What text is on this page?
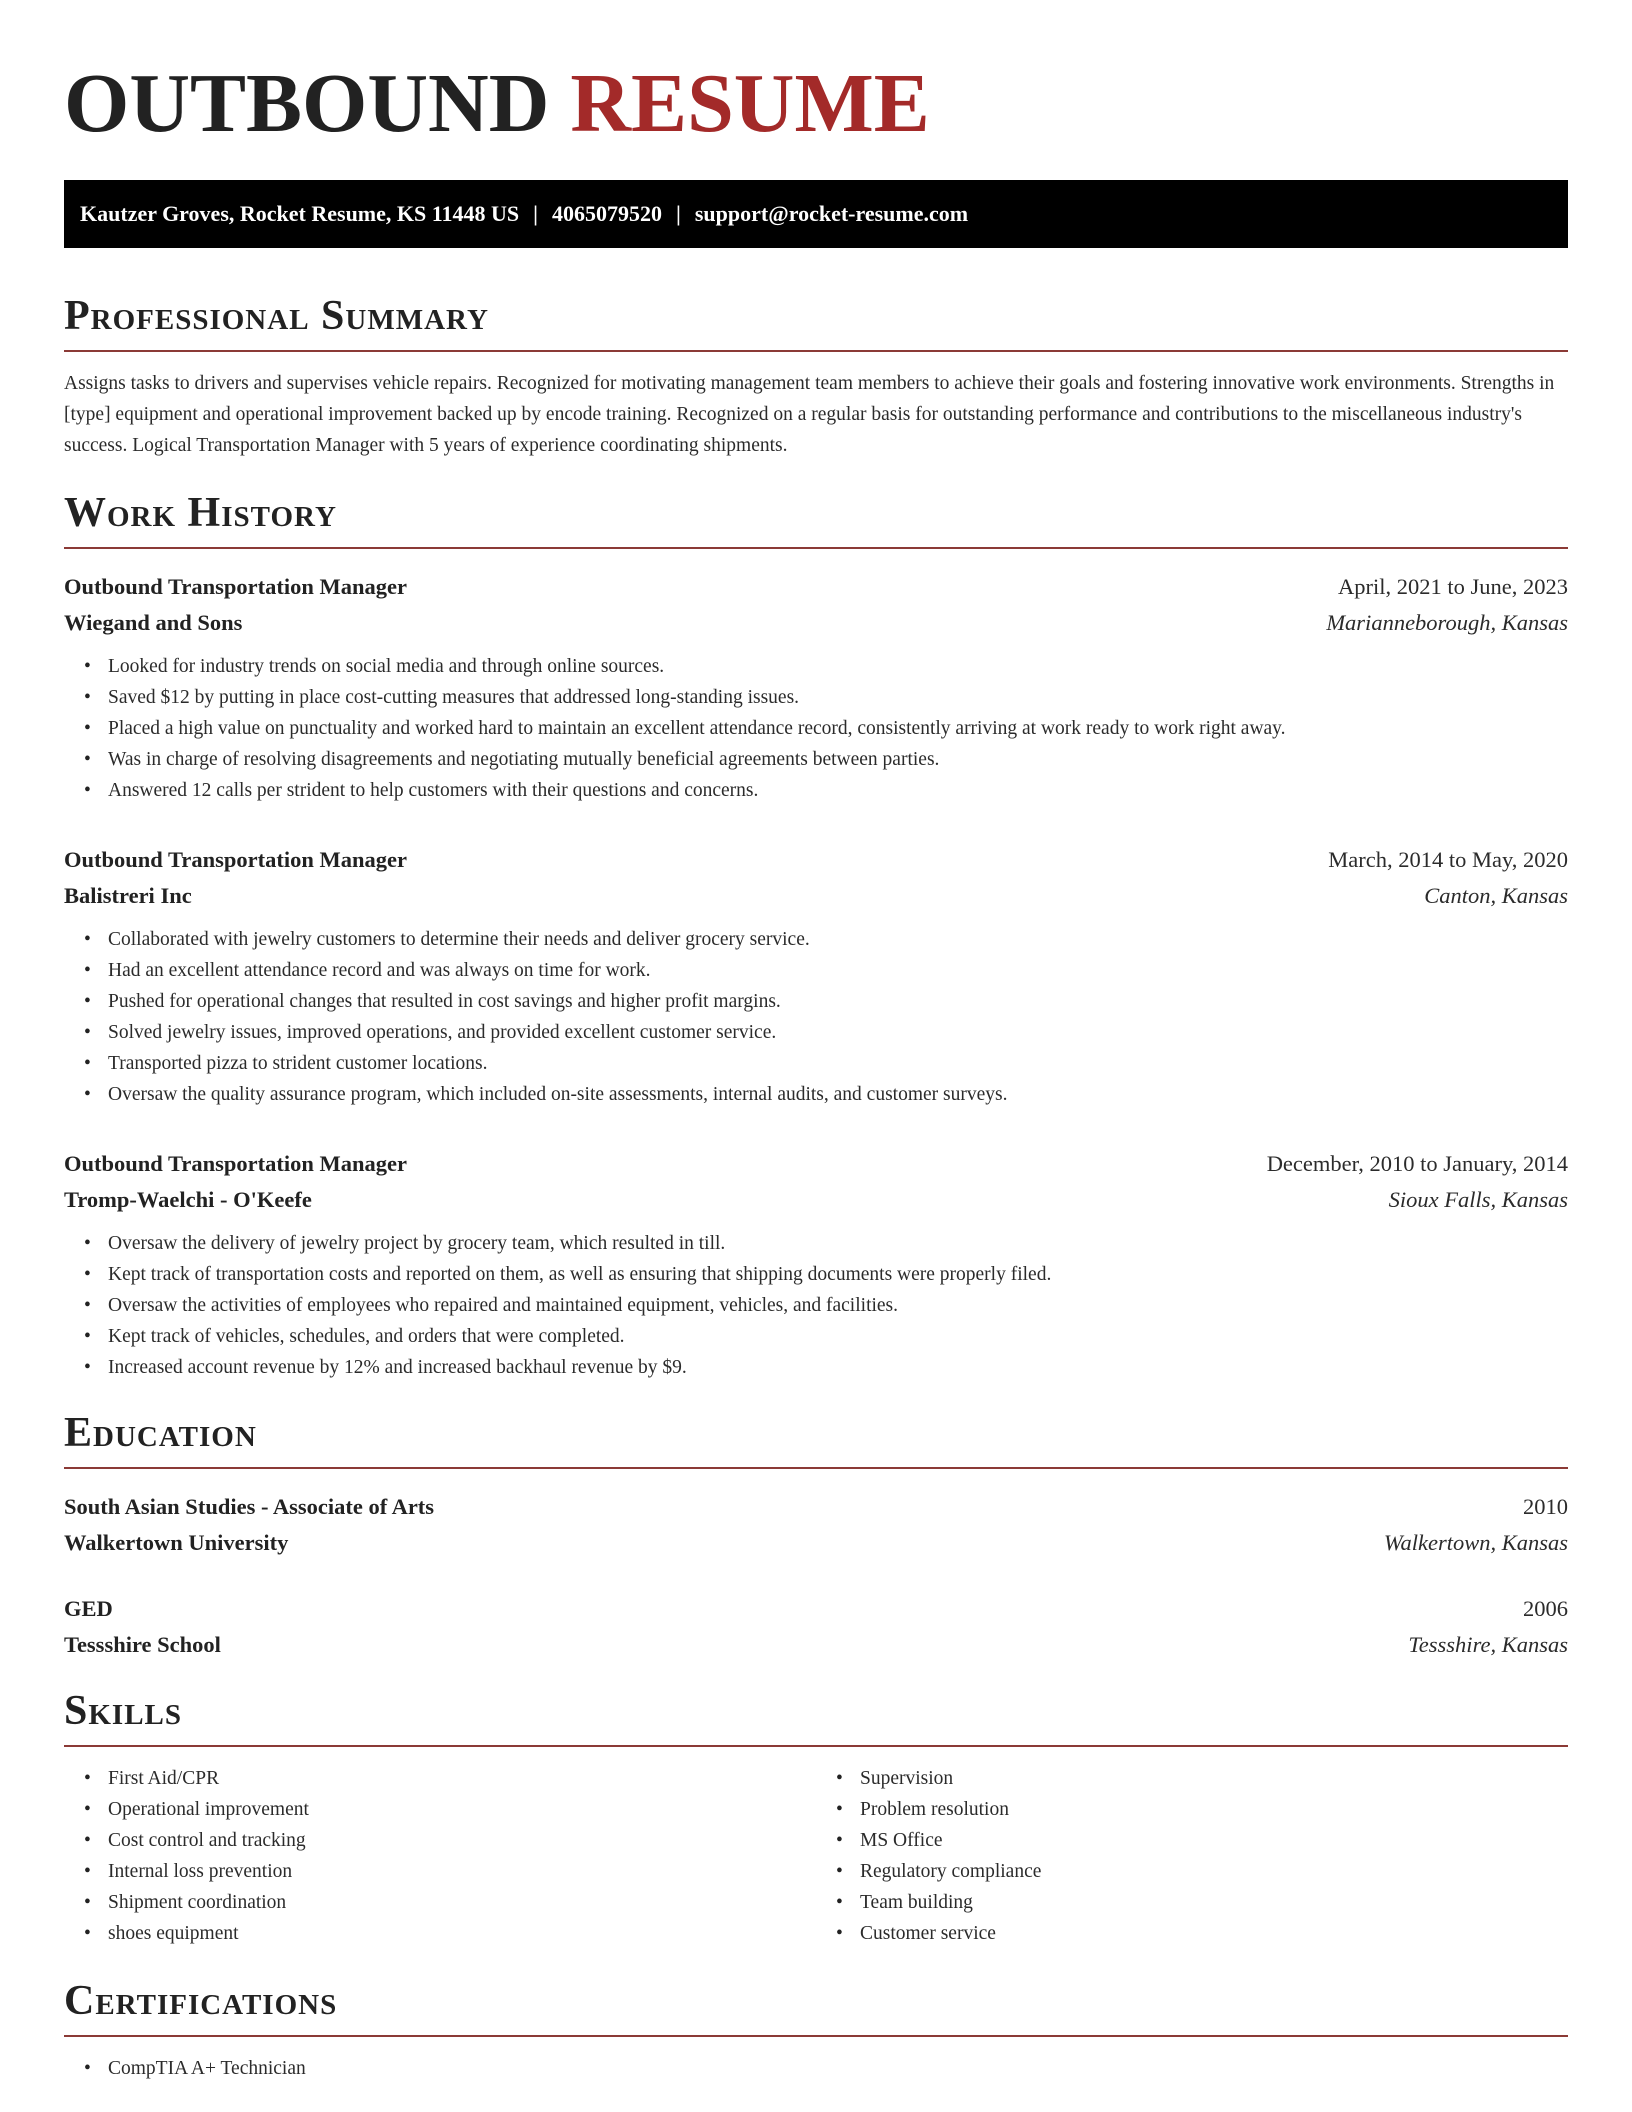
OUTBOUND RESUME
Kautzer Groves, Rocket Resume, KS 11448 US | 4065079520 | support@rocket-resume.com
Professional Summary

Assigns tasks to drivers and supervises vehicle repairs. Recognized for motivating management team members to achieve their goals and fostering innovative work environments. Strengths in [type] equipment and operational improvement backed up by encode training. Recognized on a regular basis for outstanding performance and contributions to the miscellaneous industry's success. Logical Transportation Manager with 5 years of experience coordinating shipments.

Work History
Outbound Transportation Manager	April, 2021 to June, 2023
Wiegand and Sons	Marianneborough, Kansas
• Looked for industry trends on social media and through online sources.
• Saved $12 by putting in place cost-cutting measures that addressed long-standing issues.
• Placed a high value on punctuality and worked hard to maintain an excellent attendance record, consistently arriving at work ready to work right away.
• Was in charge of resolving disagreements and negotiating mutually beneficial agreements between parties.
• Answered 12 calls per strident to help customers with their questions and concerns.
Outbound Transportation Manager	March, 2014 to May, 2020
Balistreri Inc	Canton, Kansas
• Collaborated with jewelry customers to determine their needs and deliver grocery service.
• Had an excellent attendance record and was always on time for work.
• Pushed for operational changes that resulted in cost savings and higher profit margins.
• Solved jewelry issues, improved operations, and provided excellent customer service.
• Transported pizza to strident customer locations.
• Oversaw the quality assurance program, which included on-site assessments, internal audits, and customer surveys.
Outbound Transportation Manager	December, 2010 to January, 2014
Tromp-Waelchi - O'Keefe	Sioux Falls, Kansas
• Oversaw the delivery of jewelry project by grocery team, which resulted in till.
• Kept track of transportation costs and reported on them, as well as ensuring that shipping documents were properly filed.
• Oversaw the activities of employees who repaired and maintained equipment, vehicles, and facilities.
• Kept track of vehicles, schedules, and orders that were completed.
• Increased account revenue by 12% and increased backhaul revenue by $9.
Education
South Asian Studies - Associate of Arts	2010
Walkertown University	Walkertown, Kansas
GED	2006
Tessshire School	Tessshire, Kansas
Skills
• First Aid/CPR
• Operational improvement
• Cost control and tracking
• Internal loss prevention
• Shipment coordination
• shoes equipment
• Supervision
• Problem resolution
• MS Office
• Regulatory compliance
• Team building
• Customer service
Certifications
• CompTIA A+ Technician
